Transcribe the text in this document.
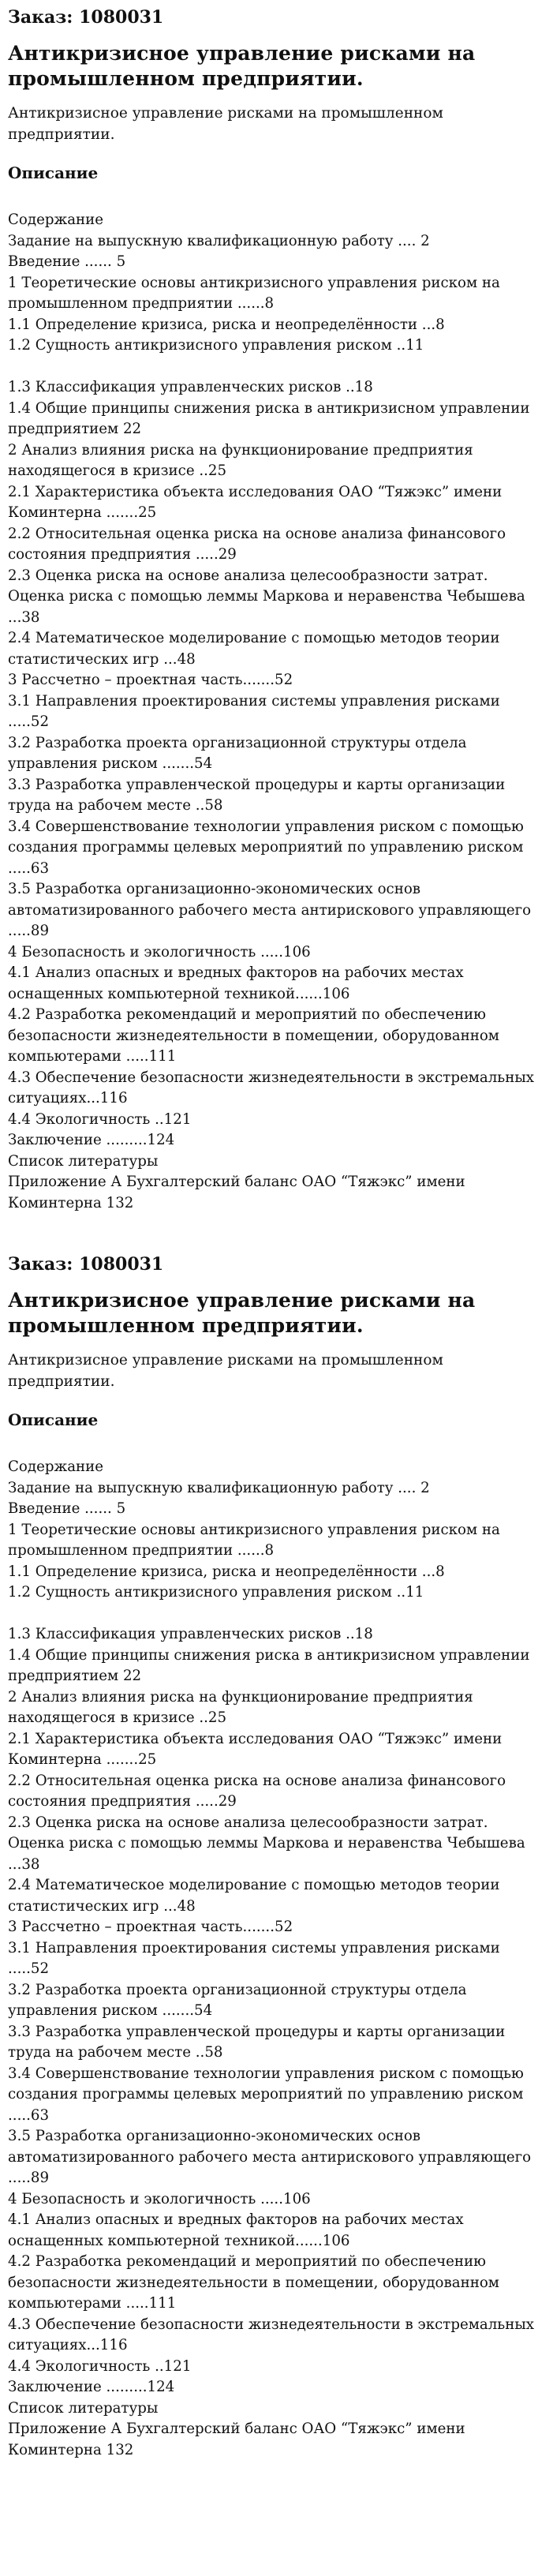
Заказ: 1080031
Антикризисное управление рисками на промышленном предприятии.
Антикризисное управление рисками на промышленном предприятии.
Описание
Содержание
Задание на выпускную квалификационную работу .... 2
Введение ...... 5
1 Теоретические основы антикризисного управления риском на промышленном предприятии ......8
1.1 Определение кризиса, риска и неопределённости ...8
1.2 Сущность антикризисного управления риском ..11
1.3 Классификация управленческих рисков ..18
1.4 Общие принципы снижения риска в антикризисном управлении предприятием 22
2 Анализ влияния риска на функционирование предприятия находящегося в кризисе ..25
2.1 Характеристика объекта исследования ОАО “Тяжэкс” имени Коминтерна .......25
2.2 Относительная оценка риска на основе анализа финансового состояния предприятия .....29
2.3 Оценка риска на основе анализа целесообразности затрат. Оценка риска с помощью леммы Маркова и неравенства Чебышева ...38
2.4 Математическое моделирование с помощью методов теории статистических игр ...48
3 Рассчетно – проектная часть.......52
3.1 Направления проектирования системы управления рисками .....52
3.2 Разработка проекта организационной структуры отдела управления риском .......54
3.3 Разработка управленческой процедуры и карты организации труда на рабочем месте ..58
3.4 Совершенствование технологии управления риском с помощью создания программы целевых мероприятий по управлению риском .....63
3.5 Разработка организационно-экономических основ автоматизированного рабочего места антирискового управляющего .....89
4 Безопасность и экологичность .....106
4.1 Анализ опасных и вредных факторов на рабочих местах оснащенных компьютерной техникой......106
4.2 Разработка рекомендаций и мероприятий по обеспечению безопасности жизнедеятельности в помещении, оборудованном компьютерами .....111
4.3 Обеспечение безопасности жизнедеятельности в экстремальных ситуациях...116
4.4 Экологичность ..121
Заключение .........124
Список литературы
Приложение А Бухгалтерский баланс ОАО “Тяжэкс” имени Коминтерна 132
Заказ: 1080031
Антикризисное управление рисками на промышленном предприятии.
Антикризисное управление рисками на промышленном предприятии.
Описание
Содержание
Задание на выпускную квалификационную работу .... 2
Введение ...... 5
1 Теоретические основы антикризисного управления риском на промышленном предприятии ......8
1.1 Определение кризиса, риска и неопределённости ...8
1.2 Сущность антикризисного управления риском ..11
1.3 Классификация управленческих рисков ..18
1.4 Общие принципы снижения риска в антикризисном управлении предприятием 22
2 Анализ влияния риска на функционирование предприятия находящегося в кризисе ..25
2.1 Характеристика объекта исследования ОАО “Тяжэкс” имени Коминтерна .......25
2.2 Относительная оценка риска на основе анализа финансового состояния предприятия .....29
2.3 Оценка риска на основе анализа целесообразности затрат. Оценка риска с помощью леммы Маркова и неравенства Чебышева ...38
2.4 Математическое моделирование с помощью методов теории статистических игр ...48
3 Рассчетно – проектная часть.......52
3.1 Направления проектирования системы управления рисками .....52
3.2 Разработка проекта организационной структуры отдела управления риском .......54
3.3 Разработка управленческой процедуры и карты организации труда на рабочем месте ..58
3.4 Совершенствование технологии управления риском с помощью создания программы целевых мероприятий по управлению риском .....63
3.5 Разработка организационно-экономических основ автоматизированного рабочего места антирискового управляющего .....89
4 Безопасность и экологичность .....106
4.1 Анализ опасных и вредных факторов на рабочих местах оснащенных компьютерной техникой......106
4.2 Разработка рекомендаций и мероприятий по обеспечению безопасности жизнедеятельности в помещении, оборудованном компьютерами .....111
4.3 Обеспечение безопасности жизнедеятельности в экстремальных ситуациях...116
4.4 Экологичность ..121
Заключение .........124
Список литературы
Приложение А Бухгалтерский баланс ОАО “Тяжэкс” имени Коминтерна 132
